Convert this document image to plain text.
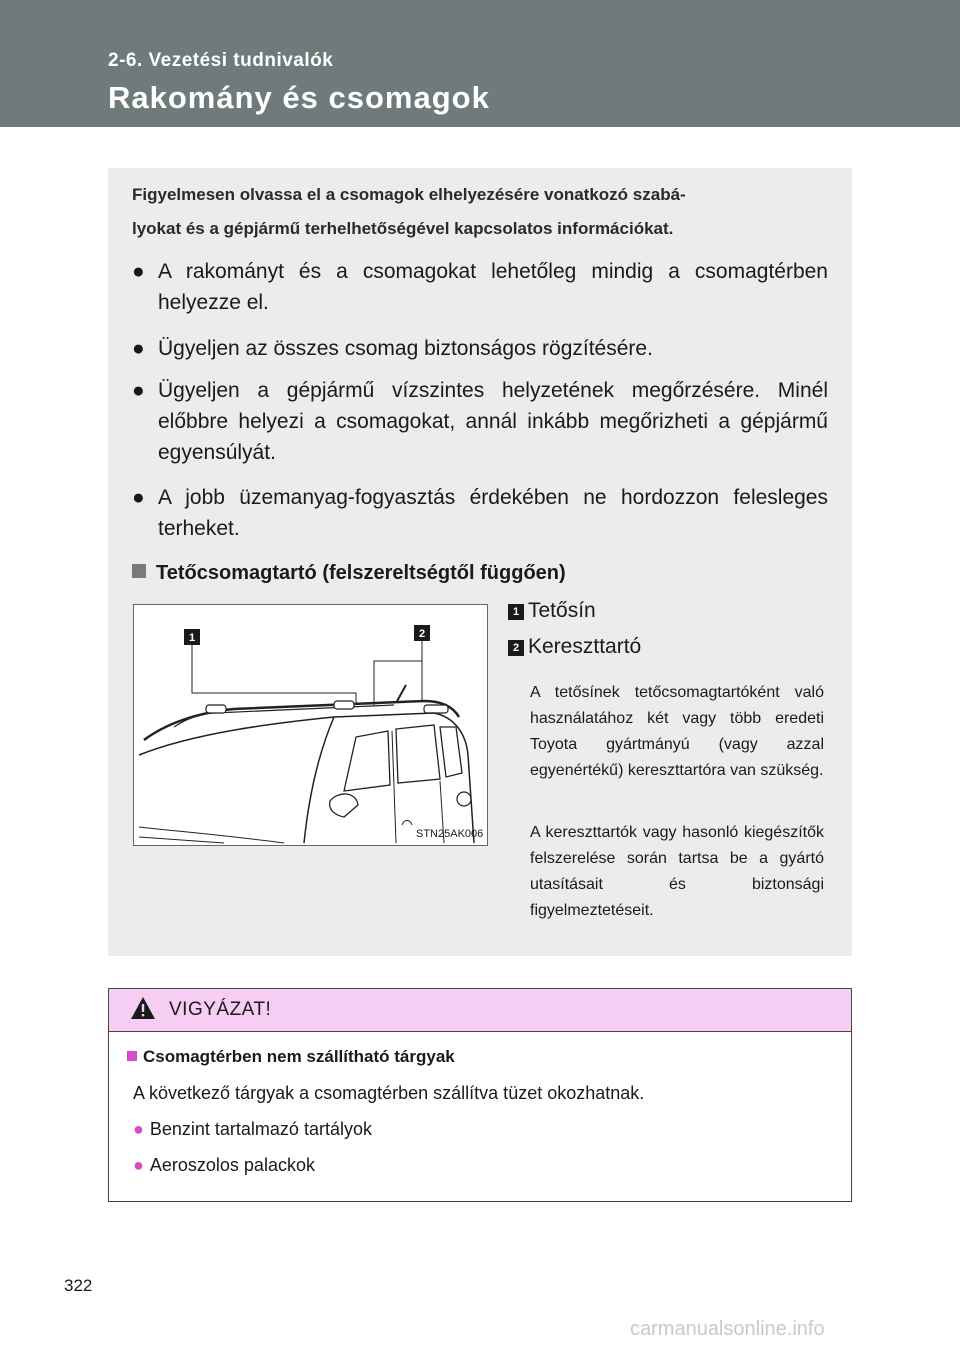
2-6. Vezetési tudnivalók
Rakomány és csomagok
Figyelmesen olvassa el a csomagok elhelyezésére vonatkozó szabá-
lyokat és a gépjármű terhelhetőségével kapcsolatos információkat.
● A rakományt és a csomagokat lehetőleg mindig a csomagtérben helyezze el.
● Ügyeljen az összes csomag biztonságos rögzítésére.
● Ügyeljen a gépjármű vízszintes helyzetének megőrzésére. Minél előbbre helyezi a csomagokat, annál inkább megőrizheti a gépjármű egyensúlyát.
● A jobb üzemanyag-fogyasztás érdekében ne hordozzon felesleges terheket.
Tetőcsomagtartó (felszereltségtől függően)
1	2
STN25AK006
1 Tetősín
2 Kereszttartó
A tetősínek tetőcsomagtartóként való használatához két vagy több eredeti Toyota gyártmányú (vagy azzal egyenértékű) kereszttartóra van szükség.
A kereszttartók vagy hasonló kiegészítők felszerelése során tartsa be a gyártó utasításait és biztonsági figyelmeztetéseit.
VIGYÁZAT!
Csomagtérben nem szállítható tárgyak
A következő tárgyak a csomagtérben szállítva tüzet okozhatnak.
● Benzint tartalmazó tartályok
● Aeroszolos palackok
322
carmanualsonline.info
